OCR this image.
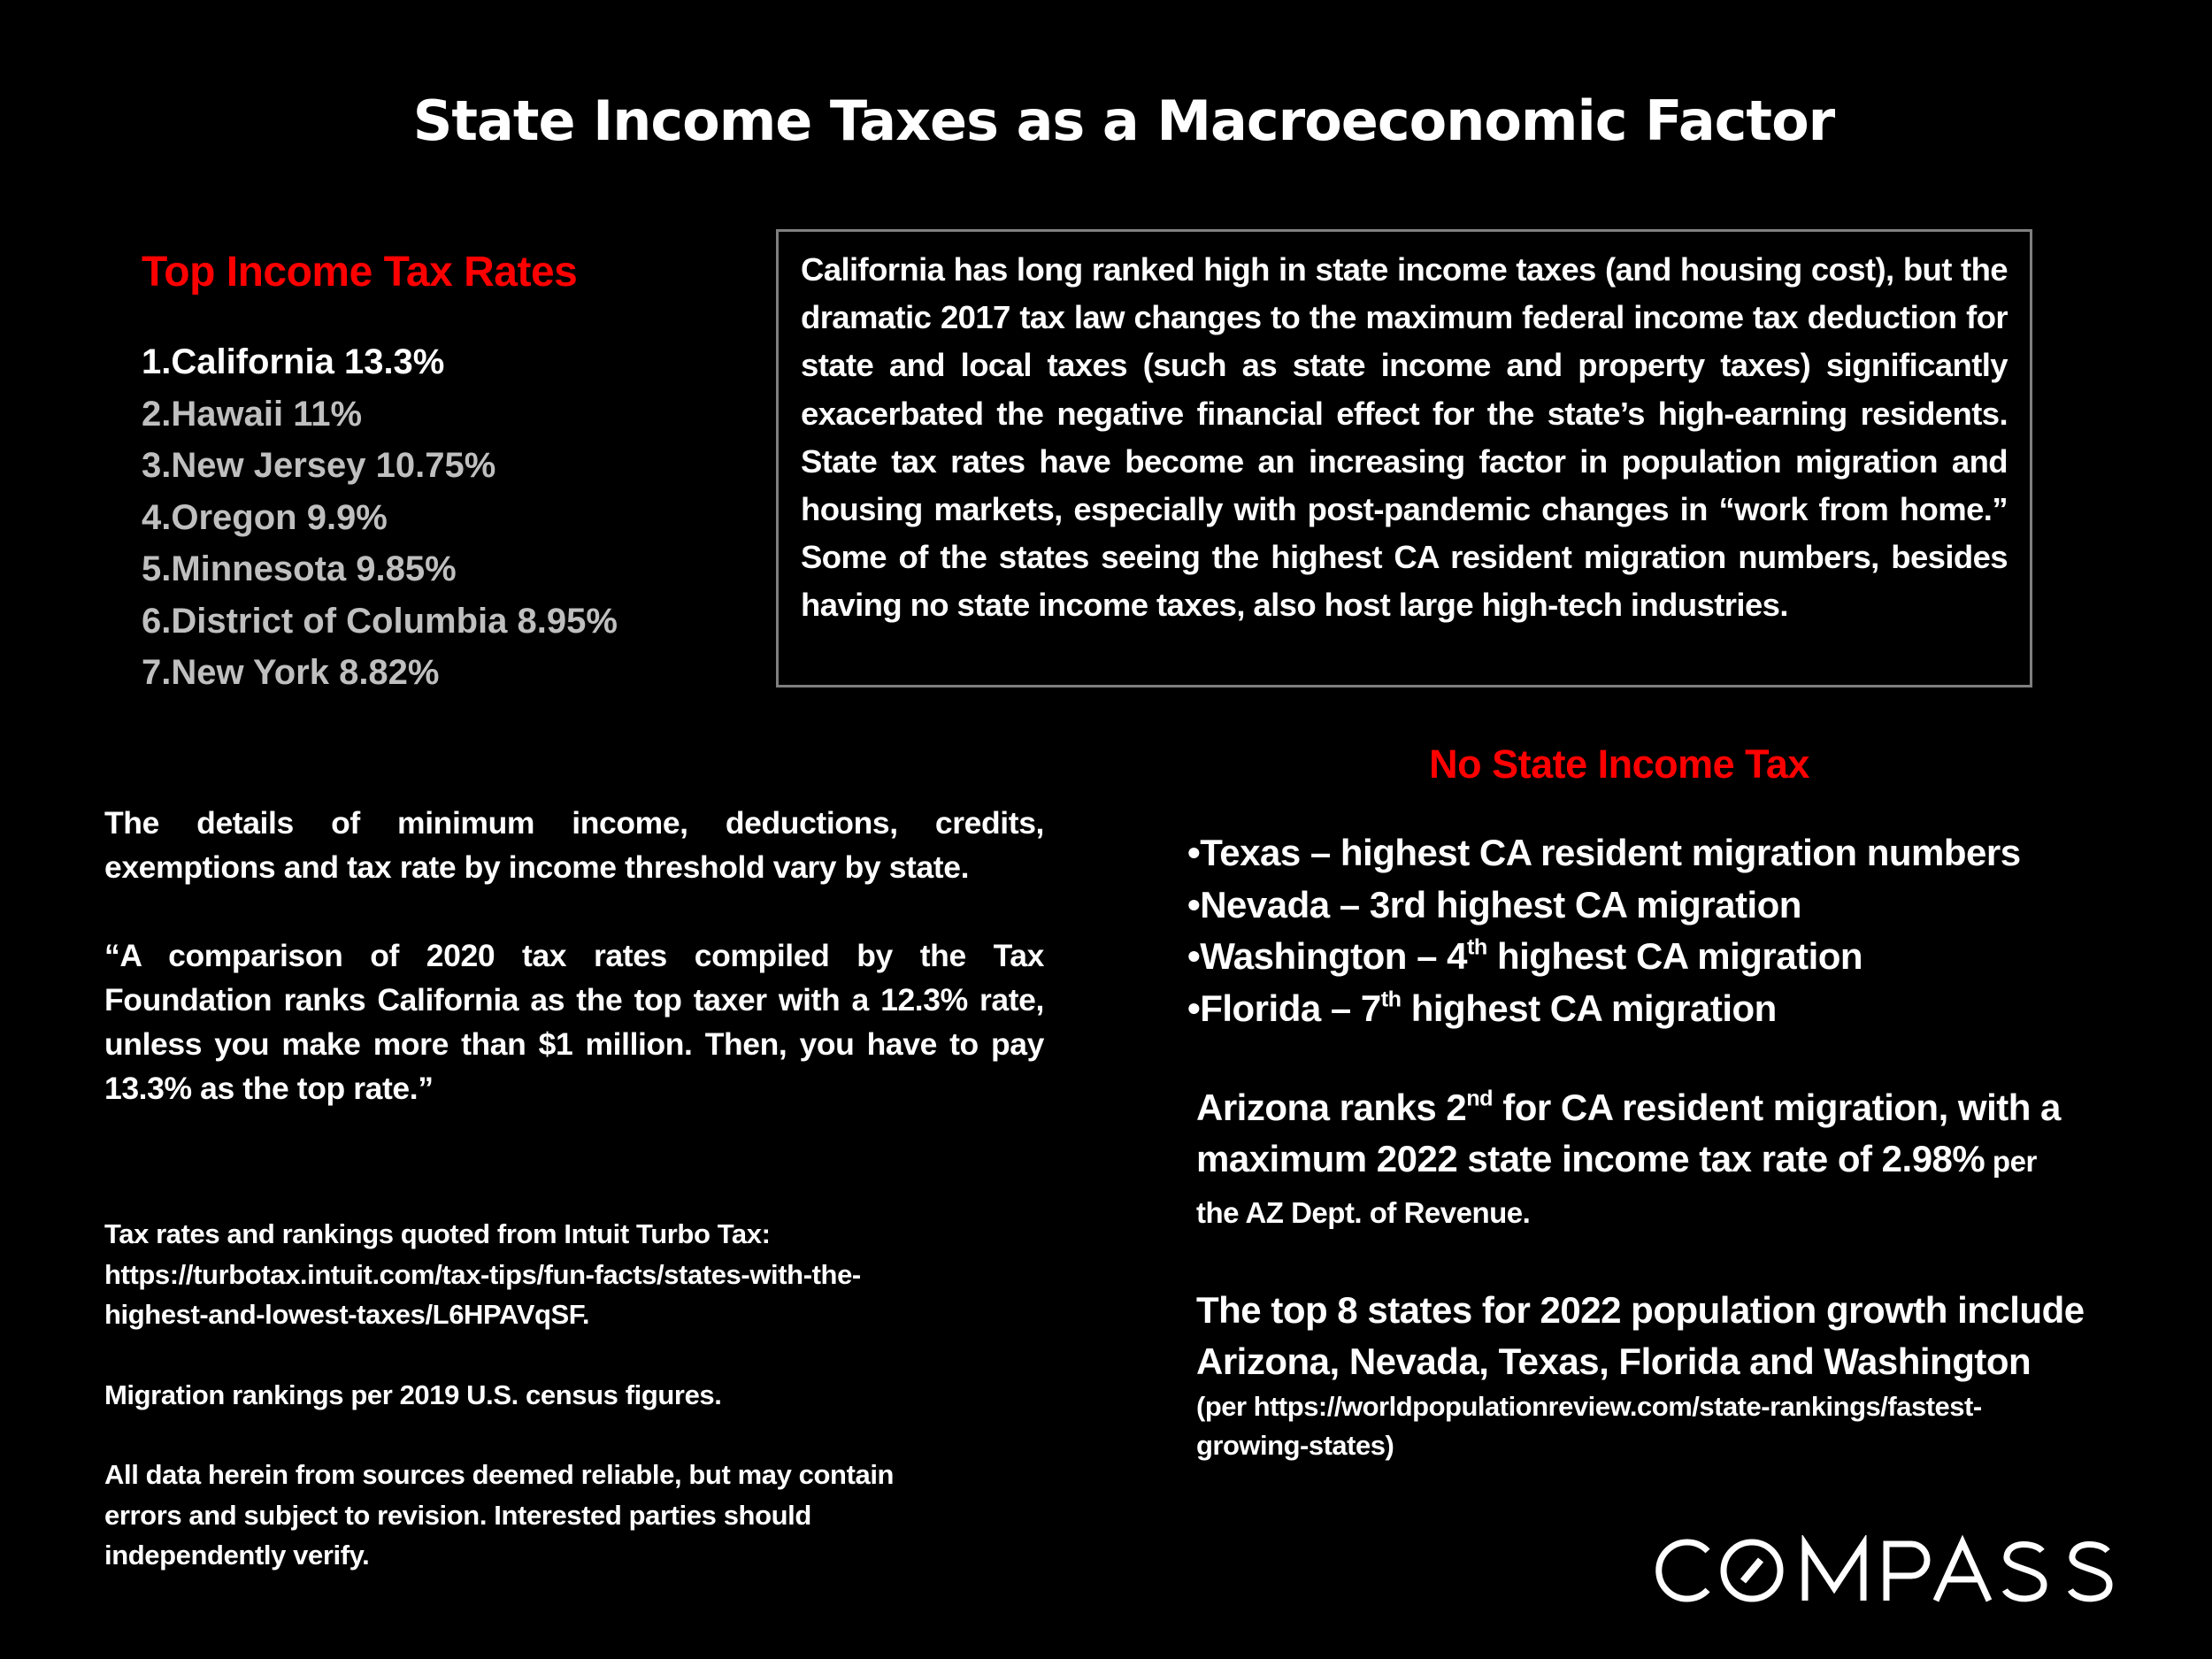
State Income Taxes as a Macroeconomic Factor
Top Income Tax Rates
1.California 13.3%
2.Hawaii 11%
3.New Jersey 10.75%
4.Oregon 9.9%
5.Minnesota 9.85%
6.District of Columbia 8.95%
7.New York 8.82%

California has long ranked high in state income taxes (and housing cost), but the dramatic 2017 tax law changes to the maximum federal income tax deduction for state and local taxes (such as state income and property taxes) significantly exacerbated the negative financial effect for the state’s high-earning residents. State tax rates have become an increasing factor in population migration and housing markets, especially with post-pandemic changes in “work from home.” Some of the states seeing the highest CA resident migration numbers, besides having no state income taxes, also host large high-tech industries.

The details of minimum income, deductions, credits, exemptions and tax rate by income threshold vary by state.

“A comparison of 2020 tax rates compiled by the Tax Foundation ranks California as the top taxer with a 12.3% rate, unless you make more than $1 million. Then, you have to pay 13.3% as the top rate.”

Tax rates and rankings quoted from Intuit Turbo Tax:

https://turbotax.intuit.com/tax-tips/fun-facts/states-with-the-

highest-and-lowest-taxes/L6HPAVqSF.

Migration rankings per 2019 U.S. census figures.

All data herein from sources deemed reliable, but may contain

errors and subject to revision. Interested parties should

independently verify.

No State Income Tax
•Texas – highest CA resident migration numbers
•Nevada – 3rd highest CA migration
•Washington – 4th highest CA migration
•Florida – 7th highest CA migration
Arizona ranks 2nd for CA resident migration, with a
maximum 2022 state income tax rate of 2.98% per
the AZ Dept. of Revenue.
The top 8 states for 2022 population growth include
Arizona, Nevada, Texas, Florida and Washington
(per https://worldpopulationreview.com/state-rankings/fastest-
growing-states)
